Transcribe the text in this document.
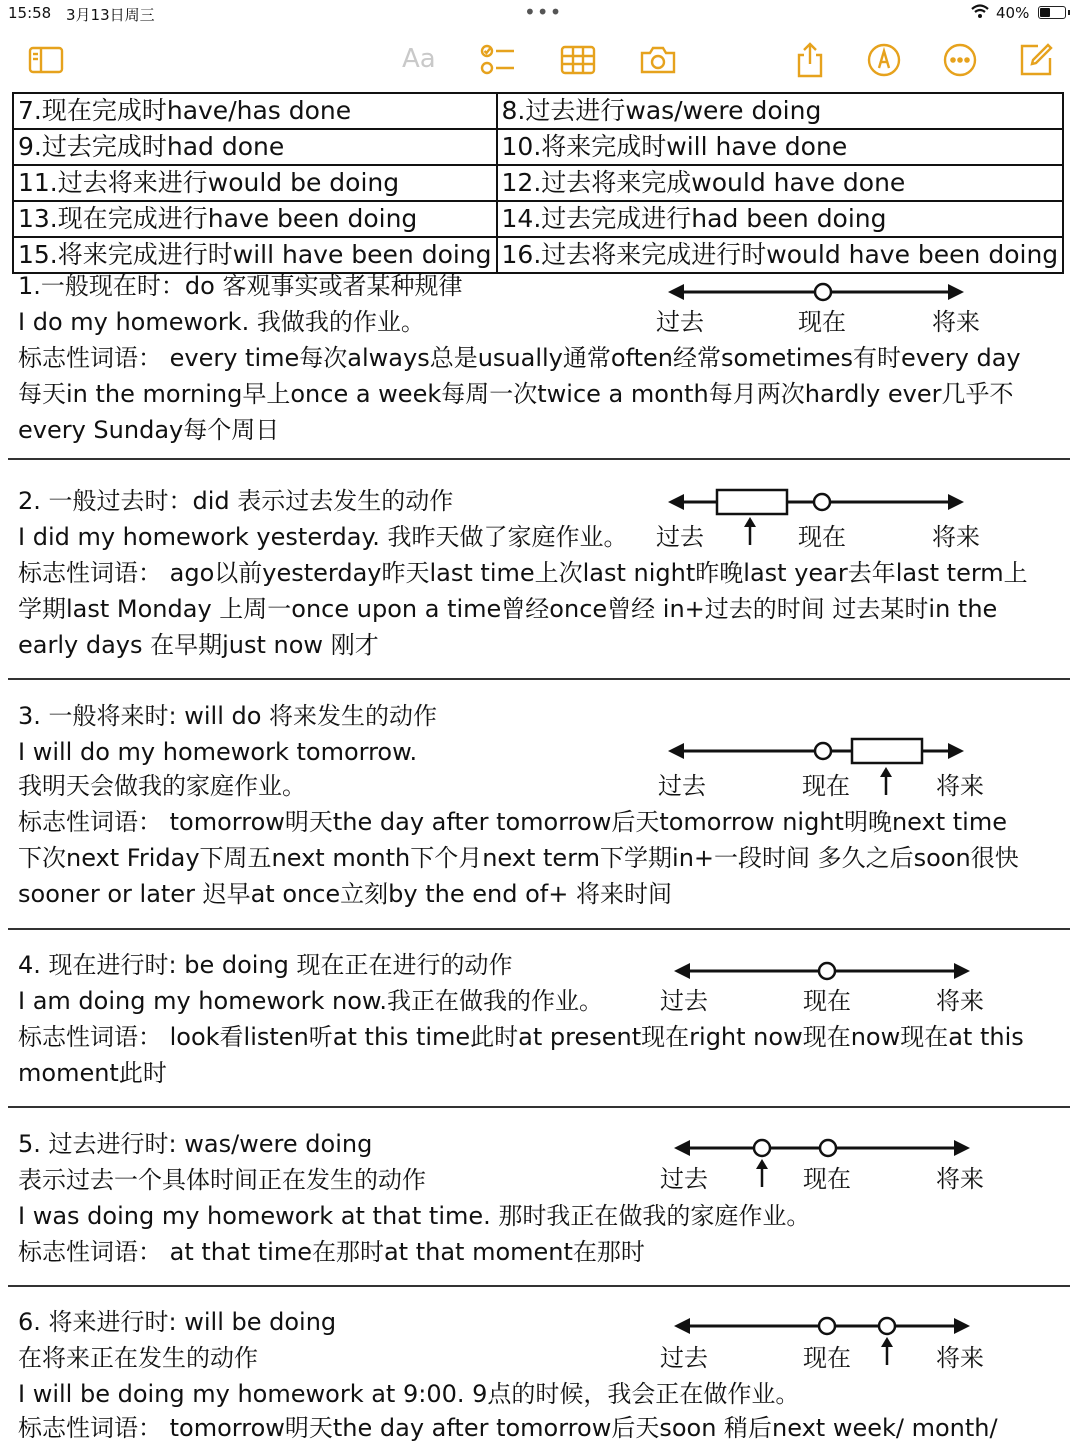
15:58 3月13日周三	•••	40%
Aa
7.现在完成时have/has done	8.过去进行was/were doing
9.过去完成时had done	10.将来完成时will have done
11.过去将来进行would be doing	12.过去将来完成would have done
13.现在完成进行have been doing	14.过去完成进行had been doing
15.将来完成进行时will have been doing	16.过去将来完成进行时would have been doing
1.一般现在时：do 客观事实或者某种规律
I do my homework. 我做我的作业。
标志性词语： every time每次always总是usually通常often经常sometimes有时every day
每天in the morning早上once a week每周一次twice a month每月两次hardly ever几乎不
every Sunday每个周日
过去	现在	将来
2. 一般过去时：did 表示过去发生的动作
I did my homework yesterday. 我昨天做了家庭作业。
标志性词语： ago以前yesterday昨天last time上次last night昨晚last year去年last term上
学期last Monday 上周一once upon a time曾经once曾经 in+过去的时间 过去某时in the
early days 在早期just now 刚才
过去	现在	将来
3. 一般将来时: will do 将来发生的动作
I will do my homework tomorrow.
我明天会做我的家庭作业。
标志性词语： tomorrow明天the day after tomorrow后天tomorrow night明晚next time
下次next Friday下周五next month下个月next term下学期in+一段时间 多久之后soon很快
sooner or later 迟早at once立刻by the end of+ 将来时间
过去	现在	将来
4. 现在进行时: be doing 现在正在进行的动作
I am doing my homework now.我正在做我的作业。
标志性词语： look看listen听at this time此时at present现在right now现在now现在at this
moment此时
过去	现在	将来
5. 过去进行时: was/were doing
表示过去一个具体时间正在发生的动作
I was doing my homework at that time. 那时我正在做我的家庭作业。
标志性词语： at that time在那时at that moment在那时
过去	现在	将来
6. 将来进行时: will be doing
在将来正在发生的动作
I will be doing my homework at 9:00. 9点的时候，我会正在做作业。
标志性词语： tomorrow明天the day after tomorrow后天soon 稍后next week/ month/
过去	现在	将来
